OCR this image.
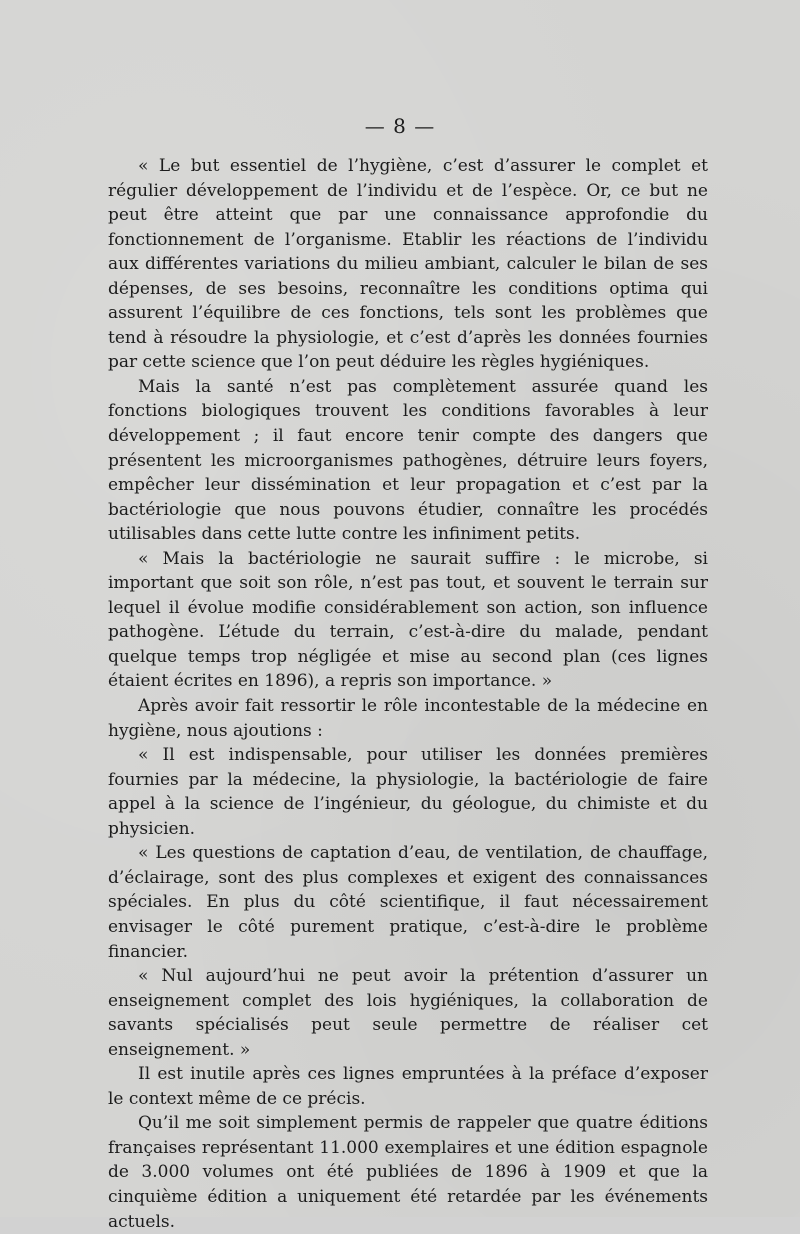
— 8 —

« Le but essentiel de l’hygiène, c’est d’assurer le complet et régulier développement de l’individu et de l’espèce. Or, ce but ne peut être atteint que par une connaissance approfondie du fonctionnement de l’organisme. Etablir les réactions de l’individu aux différentes variations du milieu ambiant, calculer le bilan de ses dépenses, de ses besoins, reconnaître les conditions optima qui assurent l’équilibre de ces fonctions, tels sont les problèmes que tend à résoudre la physiologie, et c’est d’après les données fournies par cette science que l’on peut déduire les règles hygiéniques.

Mais la santé n’est pas complètement assurée quand les fonctions biologiques trouvent les conditions favorables à leur développement ; il faut encore tenir compte des dangers que présentent les microorganismes pathogènes, détruire leurs foyers, empêcher leur dissémination et leur propagation et c’est par la bactériologie que nous pouvons étudier, connaître les procédés utilisables dans cette lutte contre les infiniment petits.

« Mais la bactériologie ne saurait suffire : le microbe, si important que soit son rôle, n’est pas tout, et souvent le terrain sur lequel il évolue modifie considérablement son action, son influence pathogène. L’étude du terrain, c’est-à-dire du malade, pendant quelque temps trop négligée et mise au second plan (ces lignes étaient écrites en 1896), a repris son importance. »

Après avoir fait ressortir le rôle incontestable de la médecine en hygiène, nous ajoutions :

« Il est indispensable, pour utiliser les données premières fournies par la médecine, la physiologie, la bactériologie de faire appel à la science de l’ingénieur, du géologue, du chimiste et du physicien.

« Les questions de captation d’eau, de ventilation, de chauffage, d’éclairage, sont des plus complexes et exigent des connaissances spéciales. En plus du côté scientifique, il faut nécessairement envisager le côté purement pratique, c’est-à-dire le problème financier.

« Nul aujourd’hui ne peut avoir la prétention d’assurer un enseignement complet des lois hygiéniques, la collaboration de savants spécialisés peut seule permettre de réaliser cet enseignement. »

Il est inutile après ces lignes empruntées à la préface d’exposer le context même de ce précis.

Qu’il me soit simplement permis de rappeler que quatre éditions françaises représentant 11.000 exemplaires et une édition espagnole de 3.000 volumes ont été publiées de 1896 à 1909 et que la cinquième édition a uniquement été retardée par les événements actuels.
